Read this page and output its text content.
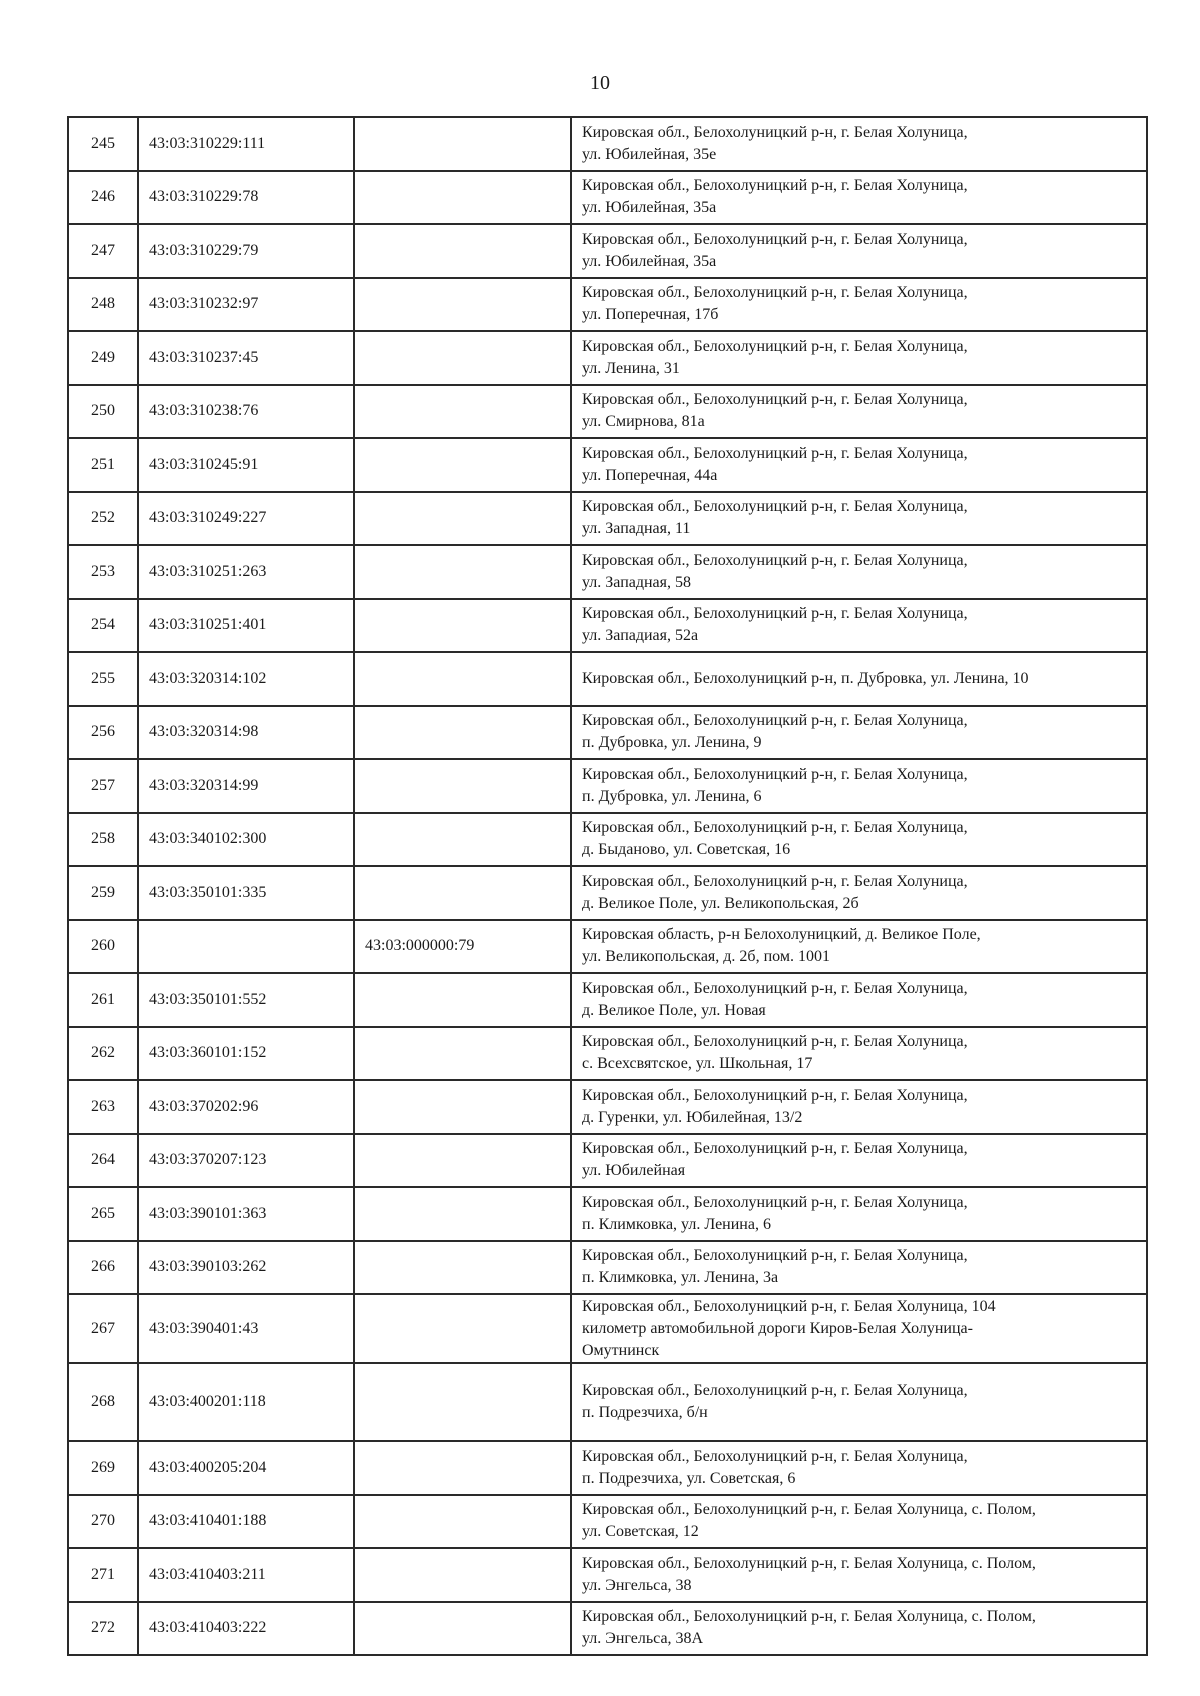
10
245	43:03:310229:111		Кировская обл., Белохолуницкий р-н, г. Белая Холуница,
ул. Юбилейная, 35е
246	43:03:310229:78		Кировская обл., Белохолуницкий р-н, г. Белая Холуница,
ул. Юбилейная, 35а
247	43:03:310229:79		Кировская обл., Белохолуницкий р-н, г. Белая Холуница,
ул. Юбилейная, 35а
248	43:03:310232:97		Кировская обл., Белохолуницкий р-н, г. Белая Холуница,
ул. Поперечная, 17б
249	43:03:310237:45		Кировская обл., Белохолуницкий р-н, г. Белая Холуница,
ул. Ленина, 31
250	43:03:310238:76		Кировская обл., Белохолуницкий р-н, г. Белая Холуница,
ул. Смирнова, 81а
251	43:03:310245:91		Кировская обл., Белохолуницкий р-н, г. Белая Холуница,
ул. Поперечная, 44а
252	43:03:310249:227		Кировская обл., Белохолуницкий р-н, г. Белая Холуница,
ул. Западная, 11
253	43:03:310251:263		Кировская обл., Белохолуницкий р-н, г. Белая Холуница,
ул. Западная, 58
254	43:03:310251:401		Кировская обл., Белохолуницкий р-н, г. Белая Холуница,
ул. Западиая, 52а
255	43:03:320314:102		Кировская обл., Белохолуницкий р-н, п. Дубровка, ул. Ленина, 10
256	43:03:320314:98		Кировская обл., Белохолуницкий р-н, г. Белая Холуница,
п. Дубровка, ул. Ленина, 9
257	43:03:320314:99		Кировская обл., Белохолуницкий р-н, г. Белая Холуница,
п. Дубровка, ул. Ленина, 6
258	43:03:340102:300		Кировская обл., Белохолуницкий р-н, г. Белая Холуница,
д. Быданово, ул. Советская, 16
259	43:03:350101:335		Кировская обл., Белохолуницкий р-н, г. Белая Холуница,
д. Великое Поле, ул. Великопольская, 2б
260		43:03:000000:79	Кировская область, р-н Белохолуницкий, д. Великое Поле,
ул. Великопольская, д. 2б, пом. 1001
261	43:03:350101:552		Кировская обл., Белохолуницкий р-н, г. Белая Холуница,
д. Великое Поле, ул. Новая
262	43:03:360101:152		Кировская обл., Белохолуницкий р-н, г. Белая Холуница,
с. Всехсвятское, ул. Школьная, 17
263	43:03:370202:96		Кировская обл., Белохолуницкий р-н, г. Белая Холуница,
д. Гуренки, ул. Юбилейная, 13/2
264	43:03:370207:123		Кировская обл., Белохолуницкий р-н, г. Белая Холуница,
ул. Юбилейная
265	43:03:390101:363		Кировская обл., Белохолуницкий р-н, г. Белая Холуница,
п. Климковка, ул. Ленина, 6
266	43:03:390103:262		Кировская обл., Белохолуницкий р-н, г. Белая Холуница,
п. Климковка, ул. Ленина, 3а
267	43:03:390401:43		Кировская обл., Белохолуницкий р-н, г. Белая Холуница, 104
километр автомобильной дороги Киров-Белая Холуница-
Омутнинск
268	43:03:400201:118		Кировская обл., Белохолуницкий р-н, г. Белая Холуница,
п. Подрезчиха, б/н
269	43:03:400205:204		Кировская обл., Белохолуницкий р-н, г. Белая Холуница,
п. Подрезчиха, ул. Советская, 6
270	43:03:410401:188		Кировская обл., Белохолуницкий р-н, г. Белая Холуница, с. Полом,
ул. Советская, 12
271	43:03:410403:211		Кировская обл., Белохолуницкий р-н, г. Белая Холуница, с. Полом,
ул. Энгельса, 38
272	43:03:410403:222		Кировская обл., Белохолуницкий р-н, г. Белая Холуница, с. Полом,
ул. Энгельса, 38А
